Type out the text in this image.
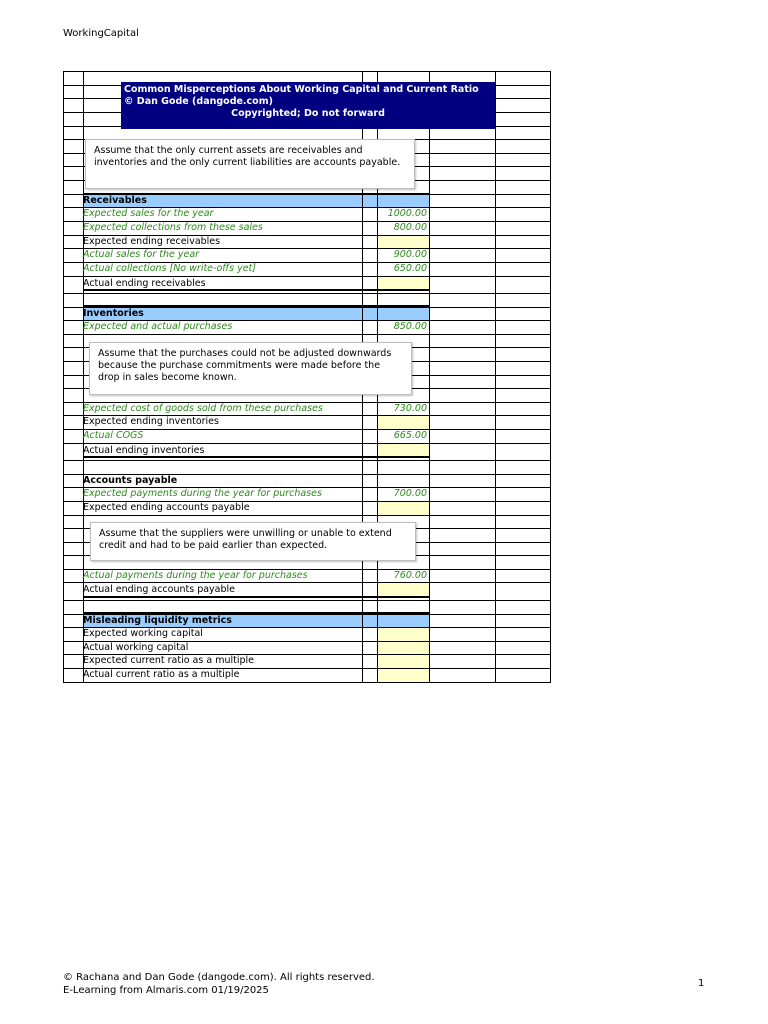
WorkingCapital
Common Misperceptions About Working Capital and Current Ratio
© Dan Gode (dangode.com)
Copyrighted; Do not forward
Assume that the only current assets are receivables and inventories and the only current liabilities are accounts payable.
Receivables
Expected sales for the year	1000.00
Expected collections from these sales	800.00
Expected ending receivables
Actual sales for the year	900.00
Actual collections [No write-offs yet]	650.00
Actual ending receivables
Inventories
Expected and actual purchases	850.00
Assume that the purchases could not be adjusted downwards because the purchase commitments were made before the drop in sales become known.
Expected cost of goods sold from these purchases	730.00
Expected ending inventories
Actual COGS	665.00
Actual ending inventories
Accounts payable
Expected payments during the year for purchases	700.00
Expected ending accounts payable
Assume that the suppliers were unwilling or unable to extend credit and had to be paid earlier than expected.
Actual payments during the year for purchases	760.00
Actual ending accounts payable
Misleading liquidity metrics
Expected working capital
Actual working capital
Expected current ratio as a multiple
Actual current ratio as a multiple
© Rachana and Dan Gode (dangode.com). All rights reserved.
E-Learning from Almaris.com 01/19/2025
1
